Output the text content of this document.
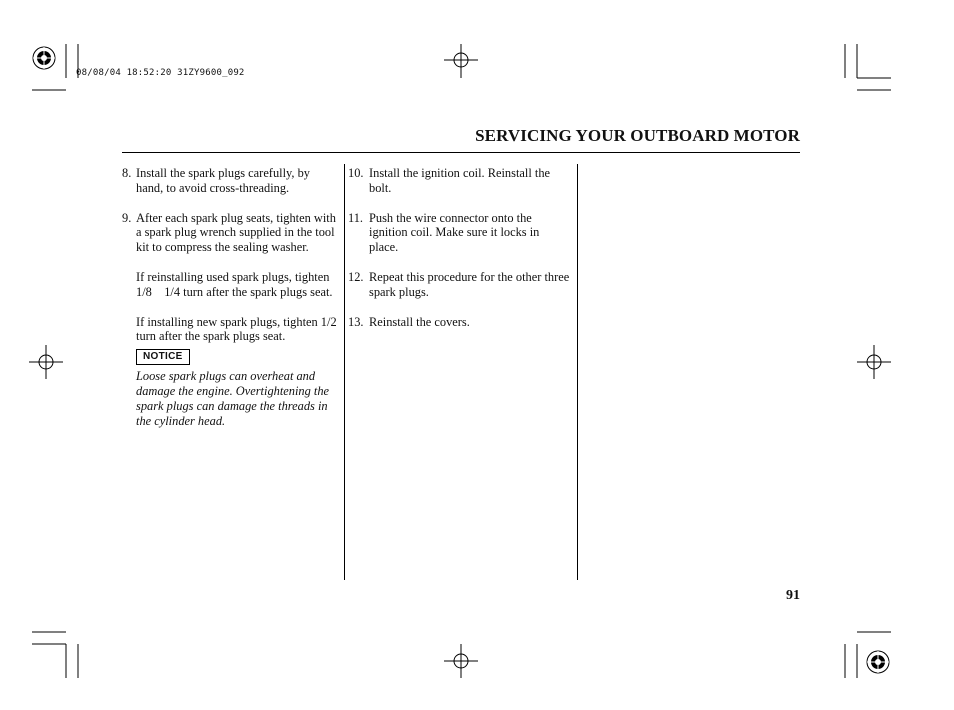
08/08/04 18:52:20 31ZY9600_092
SERVICING YOUR OUTBOARD MOTOR
8. Install the spark plugs carefully, by hand, to avoid cross-threading.
9. After each spark plug seats, tighten with a spark plug wrench supplied in the tool kit to compress the sealing washer.
If reinstalling used spark plugs, tighten 1/8    1/4 turn after the spark plugs seat.
If installing new spark plugs, tighten 1/2 turn after the spark plugs seat.
NOTICE

Loose spark plugs can overheat and damage the engine. Overtightening the spark plugs can damage the threads in the cylinder head.

10. Install the ignition coil. Reinstall the bolt.
11. Push the wire connector onto the ignition coil. Make sure it locks in place.
12. Repeat this procedure for the other three spark plugs.
13. Reinstall the covers.
91
